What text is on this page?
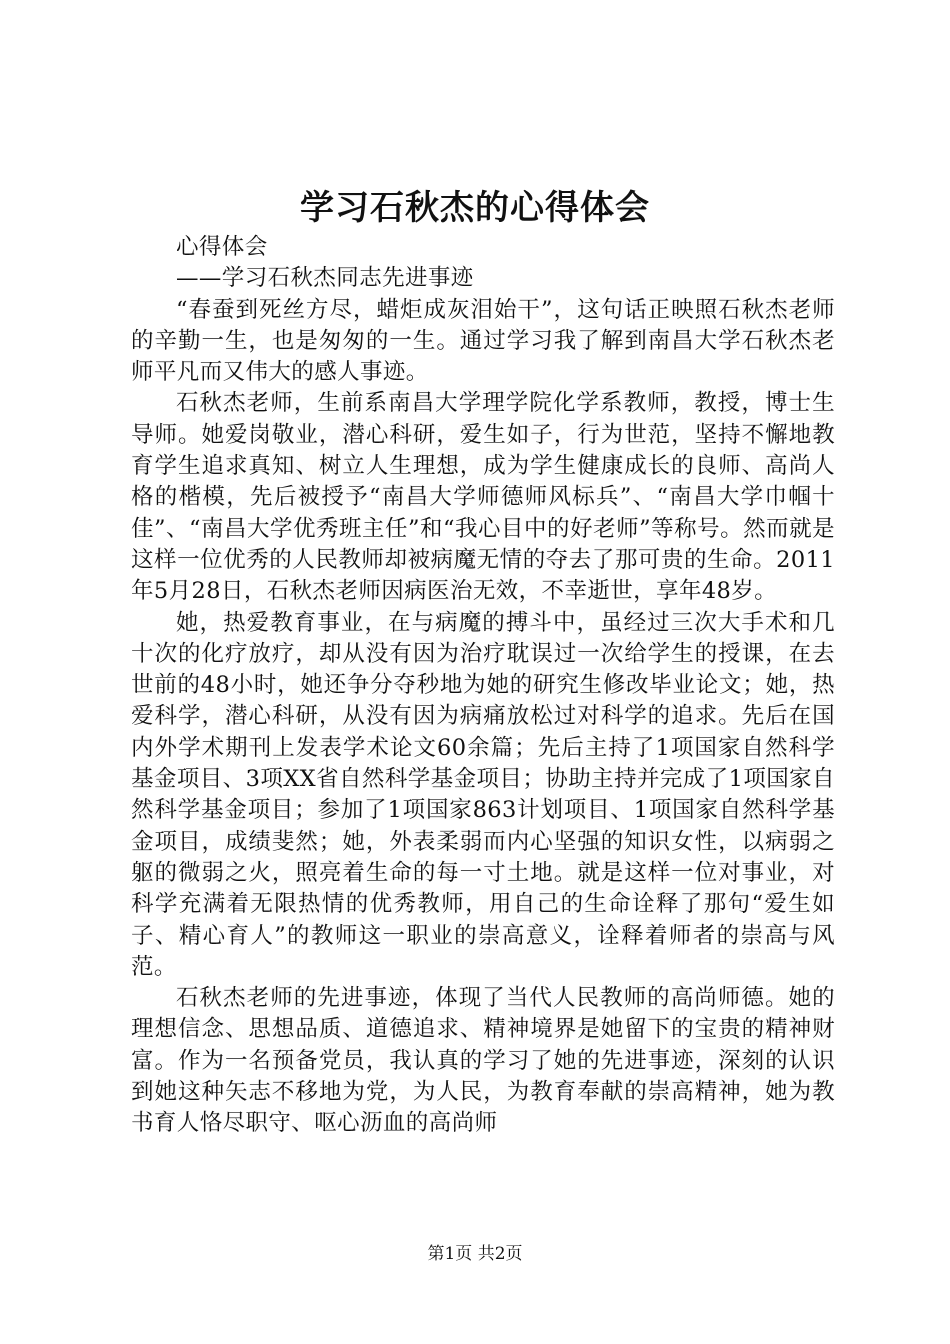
学习石秋杰的心得体会

心得体会

——学习石秋杰同志先进事迹

“春蚕到死丝方尽，蜡炬成灰泪始干”，这句话正映照石秋杰老师的辛勤一生，也是匆匆的一生。通过学习我了解到南昌大学石秋杰老师平凡而又伟大的感人事迹。

石秋杰老师，生前系南昌大学理学院化学系教师，教授，博士生导师。她爱岗敬业，潜心科研，爱生如子，行为世范，坚持不懈地教育学生追求真知、树立人生理想，成为学生健康成长的良师、高尚人格的楷模，先后被授予“南昌大学师德师风标兵”、“南昌大学巾帼十佳”、“南昌大学优秀班主任”和“我心目中的好老师”等称号。然而就是这样一位优秀的人民教师却被病魔无情的夺去了那可贵的生命。2011年5月28日，石秋杰老师因病医治无效，不幸逝世，享年48岁。

她，热爱教育事业，在与病魔的搏斗中，虽经过三次大手术和几十次的化疗放疗，却从没有因为治疗耽误过一次给学生的授课，在去世前的48小时，她还争分夺秒地为她的研究生修改毕业论文；她，热爱科学，潜心科研，从没有因为病痛放松过对科学的追求。先后在国内外学术期刊上发表学术论文60余篇；先后主持了1项国家自然科学基金项目、3项XX省自然科学基金项目；协助主持并完成了1项国家自然科学基金项目；参加了1项国家863计划项目、1项国家自然科学基金项目，成绩斐然；她，外表柔弱而内心坚强的知识女性，以病弱之躯的微弱之火，照亮着生命的每一寸土地。就是这样一位对事业，对科学充满着无限热情的优秀教师，用自己的生命诠释了那句“爱生如子、精心育人”的教师这一职业的崇高意义，诠释着师者的崇高与风范。

石秋杰老师的先进事迹，体现了当代人民教师的高尚师德。她的理想信念、思想品质、道德追求、精神境界是她留下的宝贵的精神财富。作为一名预备党员，我认真的学习了她的先进事迹，深刻的认识到她这种矢志不移地为党，为人民，为教育奉献的崇高精神，她为教书育人恪尽职守、呕心沥血的高尚师

第1页 共2页
